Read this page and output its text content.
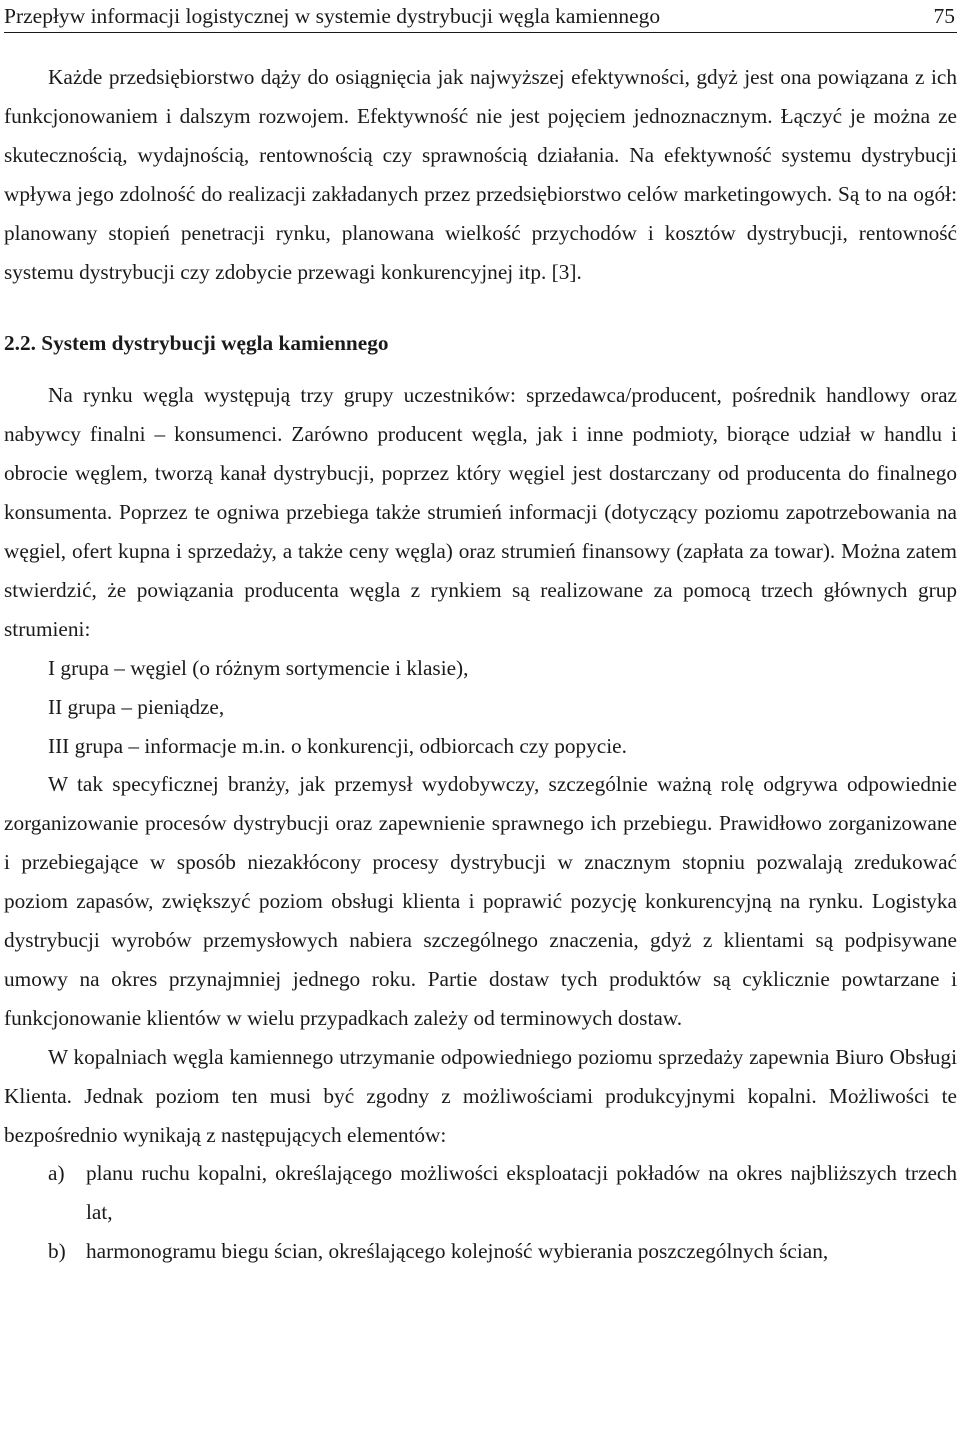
Przepływ informacji logistycznej w systemie dystrybucji węgla kamiennego	75

Każde przedsiębiorstwo dąży do osiągnięcia jak najwyższej efektywności, gdyż jest ona powiązana z ich funkcjonowaniem i dalszym rozwojem. Efektywność nie jest pojęciem jednoznacznym. Łączyć je można ze skutecznością, wydajnością, rentownością czy sprawnością działania. Na efektywność systemu dystrybucji wpływa jego zdolność do realizacji zakładanych przez przedsiębiorstwo celów marketingowych. Są to na ogół: planowany stopień penetracji rynku, planowana wielkość przychodów i kosztów dystrybucji, rentowność systemu dystrybucji czy zdobycie przewagi konkurencyjnej itp. [3].

2.2. System dystrybucji węgla kamiennego

Na rynku węgla występują trzy grupy uczestników: sprzedawca/producent, pośrednik handlowy oraz nabywcy finalni – konsumenci. Zarówno producent węgla, jak i inne podmioty, biorące udział w handlu i obrocie węglem, tworzą kanał dystrybucji, poprzez który węgiel jest dostarczany od producenta do finalnego konsumenta. Poprzez te ogniwa przebiega także strumień informacji (dotyczący poziomu zapotrzebowania na węgiel, ofert kupna i sprzedaży, a także ceny węgla) oraz strumień finansowy (zapłata za towar). Można zatem stwierdzić, że powiązania producenta węgla z rynkiem są realizowane za pomocą trzech głównych grup strumieni:

I grupa – węgiel (o różnym sortymencie i klasie),

II grupa – pieniądze,

III grupa – informacje m.in. o konkurencji, odbiorcach czy popycie.

W tak specyficznej branży, jak przemysł wydobywczy, szczególnie ważną rolę odgrywa odpowiednie zorganizowanie procesów dystrybucji oraz zapewnienie sprawnego ich przebiegu. Prawidłowo zorganizowane i przebiegające w sposób niezakłócony procesy dystrybucji w znacznym stopniu pozwalają zredukować poziom zapasów, zwiększyć poziom obsługi klienta i poprawić pozycję konkurencyjną na rynku. Logistyka dystrybucji wyrobów przemysłowych nabiera szczególnego znaczenia, gdyż z klientami są podpisywane umowy na okres przynajmniej jednego roku. Partie dostaw tych produktów są cyklicznie powtarzane i funkcjonowanie klientów w wielu przypadkach zależy od terminowych dostaw.

W kopalniach węgla kamiennego utrzymanie odpowiedniego poziomu sprzedaży zapewnia Biuro Obsługi Klienta. Jednak poziom ten musi być zgodny z możliwościami produkcyjnymi kopalni. Możliwości te bezpośrednio wynikają z następujących elementów:

a) planu ruchu kopalni, określającego możliwości eksploatacji pokładów na okres najbliższych trzech lat,
b) harmonogramu biegu ścian, określającego kolejność wybierania poszczególnych ścian,
